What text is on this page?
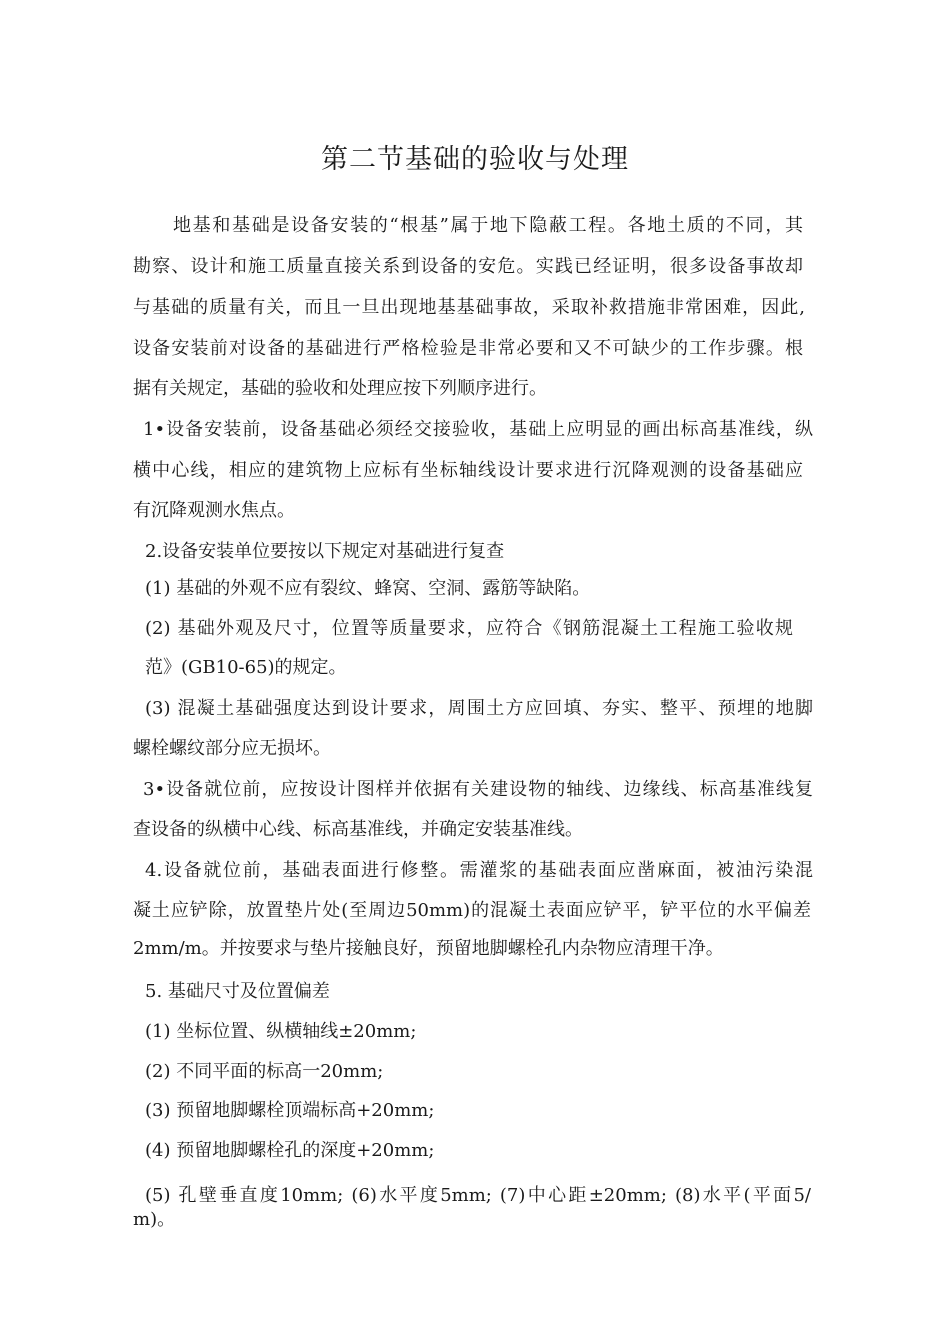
第二节基础的验收与处理
地基和基础是设备安装的“根基”属于地下隐蔽工程。各地土质的不同，其
勘察、设计和施工质量直接关系到设备的安危。实践已经证明，很多设备事故却
与基础的质量有关，而且一旦出现地基基础事故，采取补救措施非常困难，因此,
设备安装前对设备的基础进行严格检验是非常必要和又不可缺少的工作步骤。根
据有关规定，基础的验收和处理应按下列顺序进行。
1•设备安装前，设备基础必须经交接验收，基础上应明显的画出标高基准线，纵
横中心线，相应的建筑物上应标有坐标轴线设计要求进行沉降观测的设备基础应
有沉降观测水焦点。
2.设备安装单位要按以下规定对基础进行复查
(1) 基础的外观不应有裂纹、蜂窝、空洞、露筋等缺陷。
(2) 基础外观及尺寸，位置等质量要求，应符合《钢筋混凝土工程施工验收规
范》(GB10-65)的规定。
(3) 混凝土基础强度达到设计要求，周围土方应回填、夯实、整平、预埋的地脚
螺栓螺纹部分应无损坏。
3•设备就位前，应按设计图样并依据有关建设物的轴线、边缘线、标高基准线复
查设备的纵横中心线、标高基准线，并确定安装基准线。
4.设备就位前，基础表面进行修整。需灌浆的基础表面应凿麻面，被油污染混
凝土应铲除，放置垫片处(至周边50mm)的混凝土表面应铲平，铲平位的水平偏差
2mm/m。并按要求与垫片接触良好，预留地脚螺栓孔内杂物应清理干净。
5. 基础尺寸及位置偏差
(1) 坐标位置、纵横轴线±20mm;
(2) 不同平面的标高一20mm;
(3) 预留地脚螺栓顶端标高+20mm;
(4) 预留地脚螺栓孔的深度+20mm;
(5) 孔壁垂直度10mm; (6)水平度5mm; (7)中心距±20mm; (8)水平(平面5/
m)。
